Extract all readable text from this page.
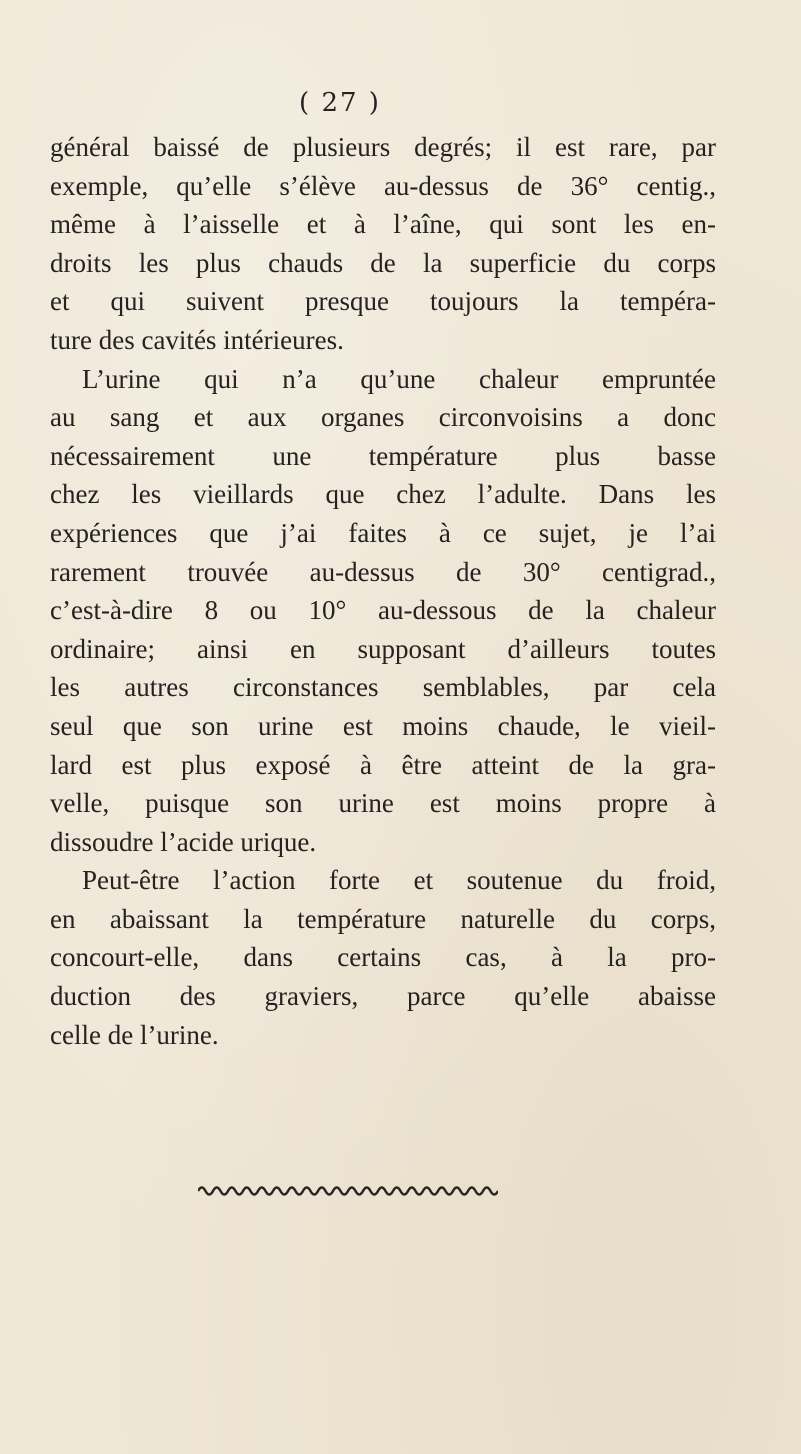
( 27 )
général baissé de plusieurs degrés; il est rare, par
exemple, qu’elle s’élève au-dessus de 36° centig.,
même à l’aisselle et à l’aîne, qui sont les en-
droits les plus chauds de la superficie du corps
et qui suivent presque toujours la tempéra-
ture des cavités intérieures.
L’urine qui n’a qu’une chaleur empruntée
au sang et aux organes circonvoisins a donc
nécessairement une température plus basse
chez les vieillards que chez l’adulte. Dans les
expériences que j’ai faites à ce sujet, je l’ai
rarement trouvée au-dessus de 30° centigrad.,
c’est-à-dire 8 ou 10° au-dessous de la chaleur
ordinaire; ainsi en supposant d’ailleurs toutes
les autres circonstances semblables, par cela
seul que son urine est moins chaude, le vieil-
lard est plus exposé à être atteint de la gra-
velle, puisque son urine est moins propre à
dissoudre l’acide urique.
Peut-être l’action forte et soutenue du froid,
en abaissant la température naturelle du corps,
concourt-elle, dans certains cas, à la pro-
duction des graviers, parce qu’elle abaisse
celle de l’urine.
